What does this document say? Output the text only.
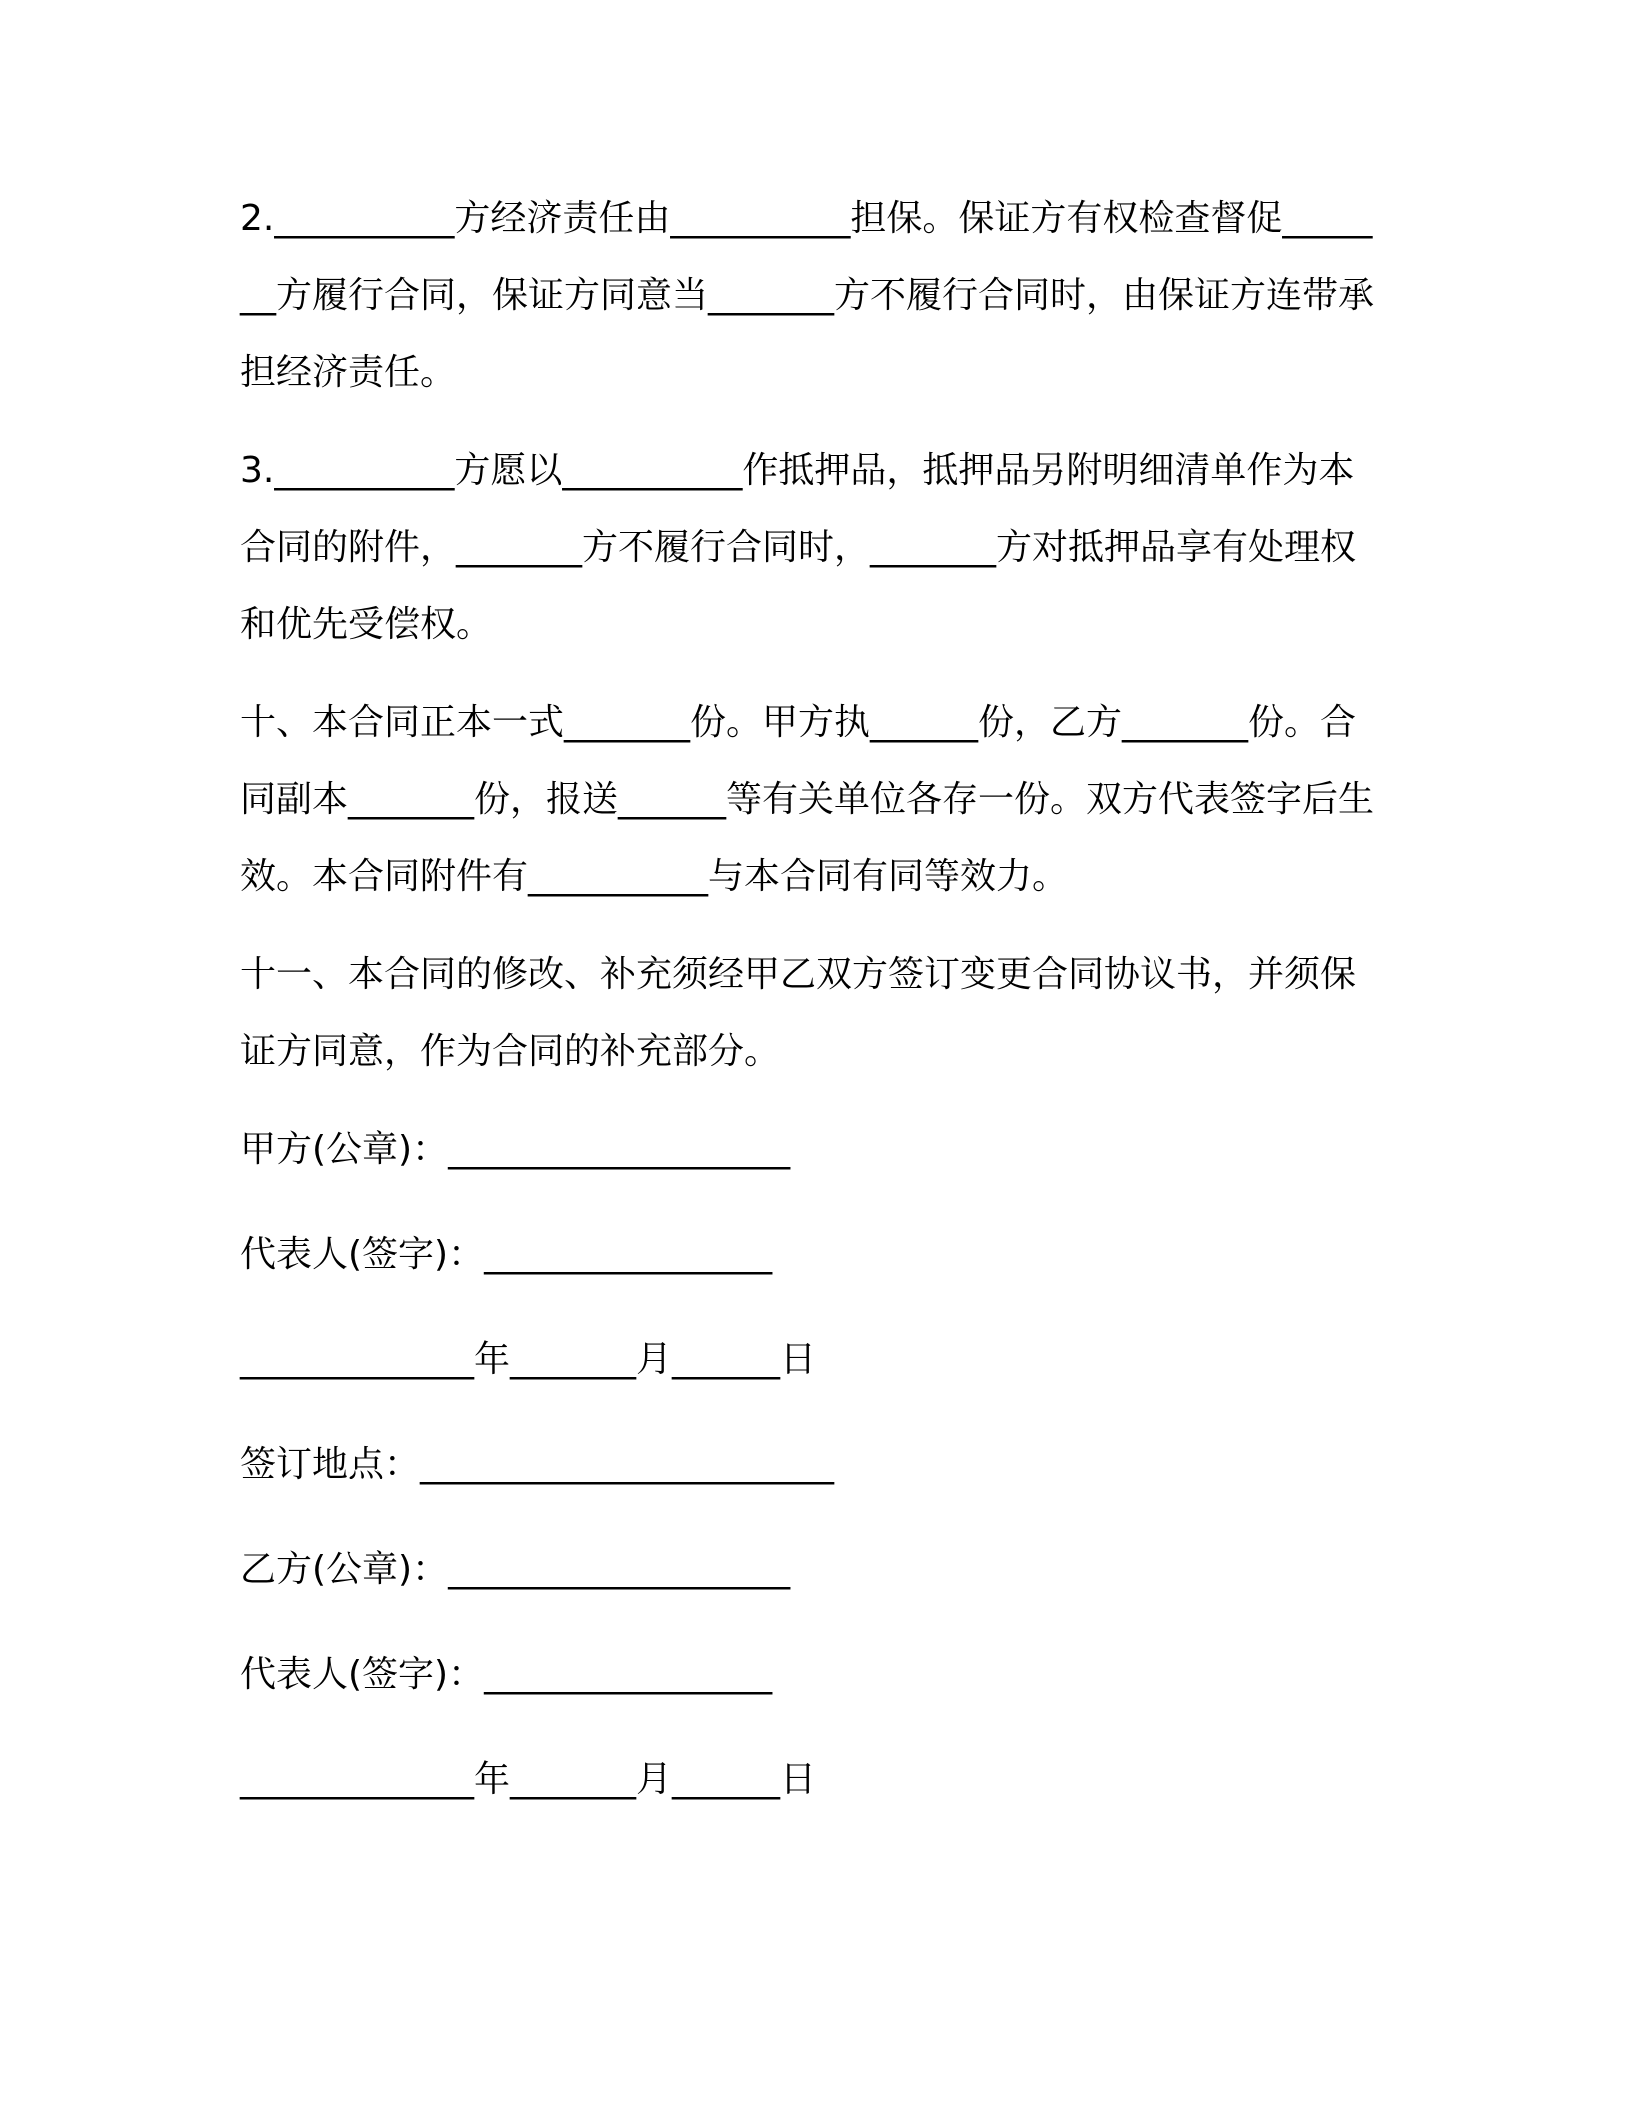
2.__________方经济责任由__________担保。保证方有权检查督促_______方履行合同，保证方同意当_______方不履行合同时，由保证方连带承担经济责任。

3.__________方愿以__________作抵押品，抵押品另附明细清单作为本合同的附件，_______方不履行合同时，_______方对抵押品享有处理权和优先受偿权。

十、本合同正本一式_______份。甲方执______份，乙方_______份。合同副本_______份，报送______等有关单位各存一份。双方代表签字后生效。本合同附件有__________与本合同有同等效力。

十一、本合同的修改、补充须经甲乙双方签订变更合同协议书，并须保证方同意，作为合同的补充部分。

甲方(公章)：___________________
代表人(签字)：________________
_____________年_______月______日
签订地点：_______________________
乙方(公章)：___________________
代表人(签字)：________________
_____________年_______月______日
